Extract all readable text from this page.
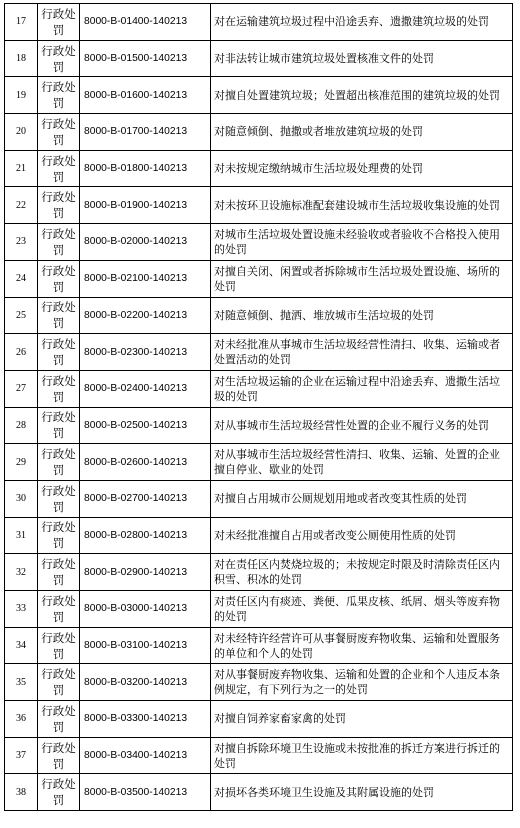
17	行政处罚	8000-B-01400-140213	对在运输建筑垃圾过程中沿途丢弃、遗撒建筑垃圾的处罚
18	行政处罚	8000-B-01500-140213	对非法转让城市建筑垃圾处置核准文件的处罚
19	行政处罚	8000-B-01600-140213	对擅自处置建筑垃圾；处置超出核准范围的建筑垃圾的处罚
20	行政处罚	8000-B-01700-140213	对随意倾倒、抛撒或者堆放建筑垃圾的处罚
21	行政处罚	8000-B-01800-140213	对未按规定缴纳城市生活垃圾处理费的处罚
22	行政处罚	8000-B-01900-140213	对未按环卫设施标准配套建设城市生活垃圾收集设施的处罚
23	行政处罚	8000-B-02000-140213	对城市生活垃圾处置设施未经验收或者验收不合格投入使用的处罚
24	行政处罚	8000-B-02100-140213	对擅自关闭、闲置或者拆除城市生活垃圾处置设施、场所的处罚
25	行政处罚	8000-B-02200-140213	对随意倾倒、抛洒、堆放城市生活垃圾的处罚
26	行政处罚	8000-B-02300-140213	对未经批准从事城市生活垃圾经营性清扫、收集、运输或者处置活动的处罚
27	行政处罚	8000-B-02400-140213	对生活垃圾运输的企业在运输过程中沿途丢弃、遗撒生活垃圾的处罚
28	行政处罚	8000-B-02500-140213	对从事城市生活垃圾经营性处置的企业不履行义务的处罚
29	行政处罚	8000-B-02600-140213	对从事城市生活垃圾经营性清扫、收集、运输、处置的企业擅自停业、歇业的处罚
30	行政处罚	8000-B-02700-140213	对擅自占用城市公厕规划用地或者改变其性质的处罚
31	行政处罚	8000-B-02800-140213	对未经批准擅自占用或者改变公厕使用性质的处罚
32	行政处罚	8000-B-02900-140213	对在责任区内焚烧垃圾的；未按规定时限及时清除责任区内积雪、积冰的处罚
33	行政处罚	8000-B-03000-140213	对责任区内有痰迹、粪便、瓜果皮核、纸屑、烟头等废弃物的处罚
34	行政处罚	8000-B-03100-140213	对未经特许经营许可从事餐厨废弃物收集、运输和处置服务的单位和个人的处罚
35	行政处罚	8000-B-03200-140213	对从事餐厨废弃物收集、运输和处置的企业和个人违反本条例规定，有下列行为之一的处罚
36	行政处罚	8000-B-03300-140213	对擅自饲养家畜家禽的处罚
37	行政处罚	8000-B-03400-140213	对擅自拆除环境卫生设施或未按批准的拆迁方案进行拆迁的处罚
38	行政处罚	8000-B-03500-140213	对损坏各类环境卫生设施及其附属设施的处罚
